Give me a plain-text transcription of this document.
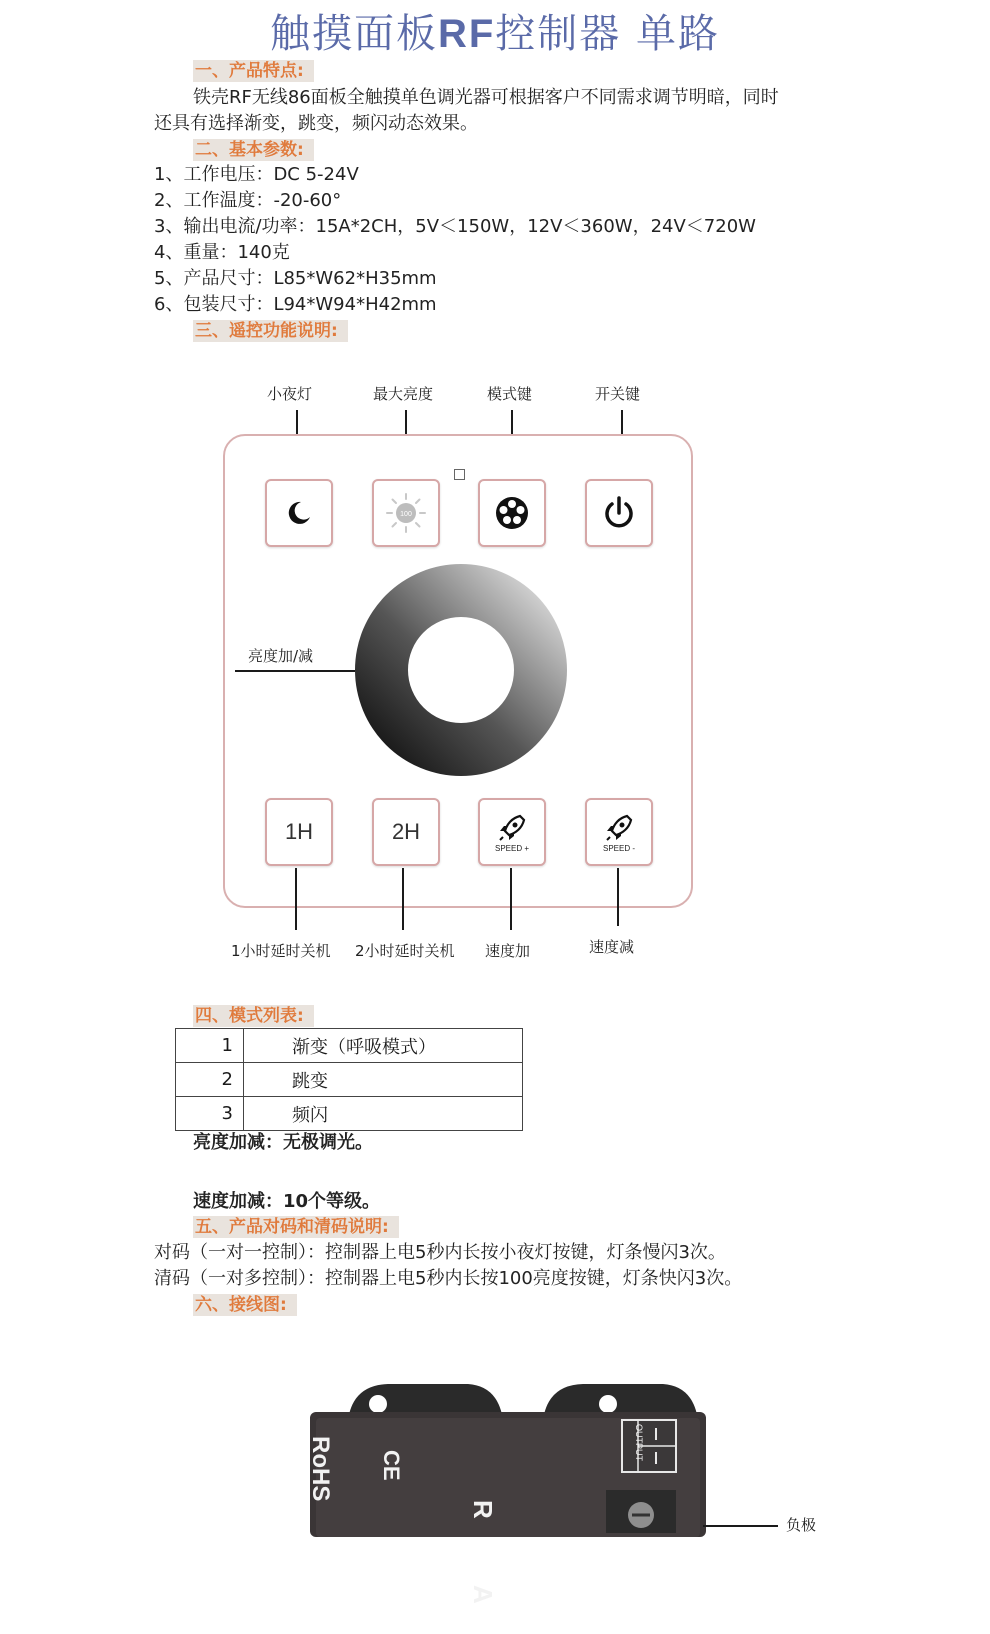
触摸面板RF控制器 单路
一、产品特点:
铁壳RF无线86面板全触摸单色调光器可根据客户不同需求调节明暗，同时
还具有选择渐变，跳变，频闪动态效果。
二、基本参数:
1、工作电压：DC 5-24V
2、工作温度：-20-60°
3、输出电流/功率：15A*2CH，5V＜150W，12V＜360W，24V＜720W
4、重量：140克
5、产品尺寸：L85*W62*H35mm
6、包装尺寸：L94*W94*H42mm
三、遥控功能说明:
小夜灯	最大亮度	模式键	开关键
100
1H	2H
SPEED +	SPEED -
亮度加/减
1小时延时关机 2小时延时关机 速度加	速度减
四、模式列表:
1	渐变（呼吸模式）
2	跳变
3	频闪
亮度加减：无极调光。
速度加减：10个等级。
五、产品对码和清码说明:
对码（一对一控制）：控制器上电5秒内长按小夜灯按键，灯条慢闪3次。
清码（一对多控制）：控制器上电5秒内长按100亮度按键，灯条快闪3次。
六、接线图:
RoHS CE
OUTPUT
R A	负极
